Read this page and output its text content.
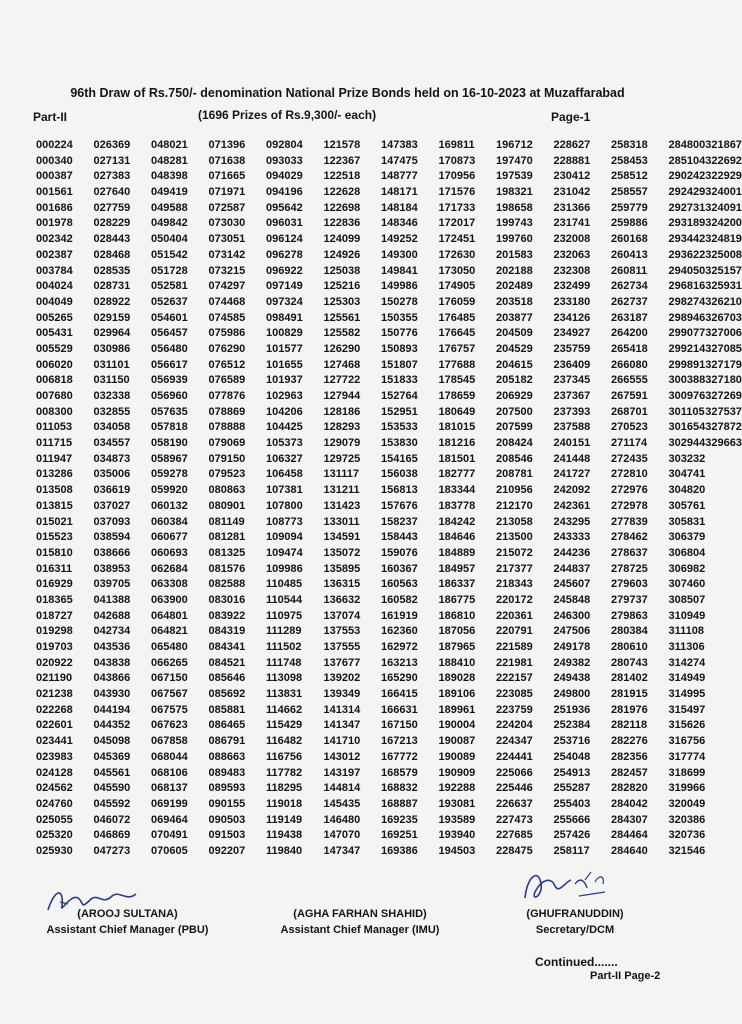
96th Draw of Rs.750/- denomination National Prize Bonds held on 16-10-2023 at Muzaffarabad
Part-II	(1696 Prizes of Rs.9,300/- each)	Page-1
000224
000340
000387
001561
001686
001978
002342
002387
003784
004024
004049
005265
005431
005529
006020
006818
007680
008300
011053
011715
011947
013286
013508
013815
015021
015523
015810
016311
016929
018365
018727
019298
019703
020922
021190
021238
022268
022601
023441
023983
024128
024562
024760
025055
025320
025930
026369
027131
027383
027640
027759
028229
028443
028468
028535
028731
028922
029159
029964
030986
031101
031150
032338
032855
034058
034557
034873
035006
036619
037027
037093
038594
038666
038953
039705
041388
042688
042734
043536
043838
043866
043930
044194
044352
045098
045369
045561
045590
045592
046072
046869
047273
048021
048281
048398
049419
049588
049842
050404
051542
051728
052581
052637
054601
056457
056480
056617
056939
056960
057635
057818
058190
058967
059278
059920
060132
060384
060677
060693
062684
063308
063900
064801
064821
065480
066265
067150
067567
067575
067623
067858
068044
068106
068137
069199
069464
070491
070605
071396
071638
071665
071971
072587
073030
073051
073142
073215
074297
074468
074585
075986
076290
076512
076589
077876
078869
078888
079069
079150
079523
080863
080901
081149
081281
081325
081576
082588
083016
083922
084319
084341
084521
085646
085692
085881
086465
086791
088663
089483
089593
090155
090503
091503
092207
092804
093033
094029
094196
095642
096031
096124
096278
096922
097149
097324
098491
100829
101577
101655
101937
102963
104206
104425
105373
106327
106458
107381
107800
108773
109094
109474
109986
110485
110544
110975
111289
111502
111748
113098
113831
114662
115429
116482
116756
117782
118295
119018
119149
119438
119840
121578
122367
122518
122628
122698
122836
124099
124926
125038
125216
125303
125561
125582
126290
127468
127722
127944
128186
128293
129079
129725
131117
131211
131423
133011
134591
135072
135895
136315
136632
137074
137553
137555
137677
139202
139349
141314
141347
141710
143012
143197
144814
145435
146480
147070
147347
147383
147475
148777
148171
148184
148346
149252
149300
149841
149986
150278
150355
150776
150893
151807
151833
152764
152951
153533
153830
154165
156038
156813
157676
158237
158443
159076
160367
160563
160582
161919
162360
162972
163213
165290
166415
166631
167150
167213
167772
168579
168832
168887
169235
169251
169386
169811
170873
170956
171576
171733
172017
172451
172630
173050
174905
176059
176485
176645
176757
177688
178545
178659
180649
181015
181216
181501
182777
183344
183778
184242
184646
184889
184957
186337
186775
186810
187056
187965
188410
189028
189106
189961
190004
190087
190089
190909
192288
193081
193589
193940
194503
196712
197470
197539
198321
198658
199743
199760
201583
202188
202489
203518
203877
204509
204529
204615
205182
206929
207500
207599
208424
208546
208781
210956
212170
213058
213500
215072
217377
218343
220172
220361
220791
221589
221981
222157
223085
223759
224204
224347
224441
225066
225446
226637
227473
227685
228475
228627
228881
230412
231042
231366
231741
232008
232063
232308
232499
233180
234126
234927
235759
236409
237345
237367
237393
237588
240151
241448
241727
242092
242361
243295
243333
244236
244837
245607
245848
246300
247506
249178
249382
249438
249800
251936
252384
253716
254048
254913
255287
255403
255666
257426
258117
258318
258453
258512
258557
259779
259886
260168
260413
260811
262734
262737
263187
264200
265418
266080
266555
267591
268701
270523
271174
272435
272810
272976
272978
277839
278462
278637
278725
279603
279737
279863
280384
280610
280743
281402
281915
281976
282118
282276
282356
282457
282820
284042
284307
284464
284640
284800
285104
290242
292429
292731
293189
293442
293622
294050
296816
298274
298946
299077
299214
299891
300388
300976
301105
301654
302944
303232
304741
304820
305761
305831
306379
306804
306982
307460
308507
310949
311108
311306
314274
314949
314995
315497
315626
316756
317774
318699
319966
320049
320386
320736
321546
321867
322692
322929
324001
324091
324200
324819
325008
325157
325931
326210
326703
327006
327085
327179
327180
327269
327537
327872
329663
(AROOJ SULTANA)
Assistant Chief Manager (PBU)
(AGHA FARHAN SHAHID)
Assistant Chief Manager (IMU)
(GHUFRANUDDIN)
Secretary/DCM
Continued.......
Part-II Page-2
